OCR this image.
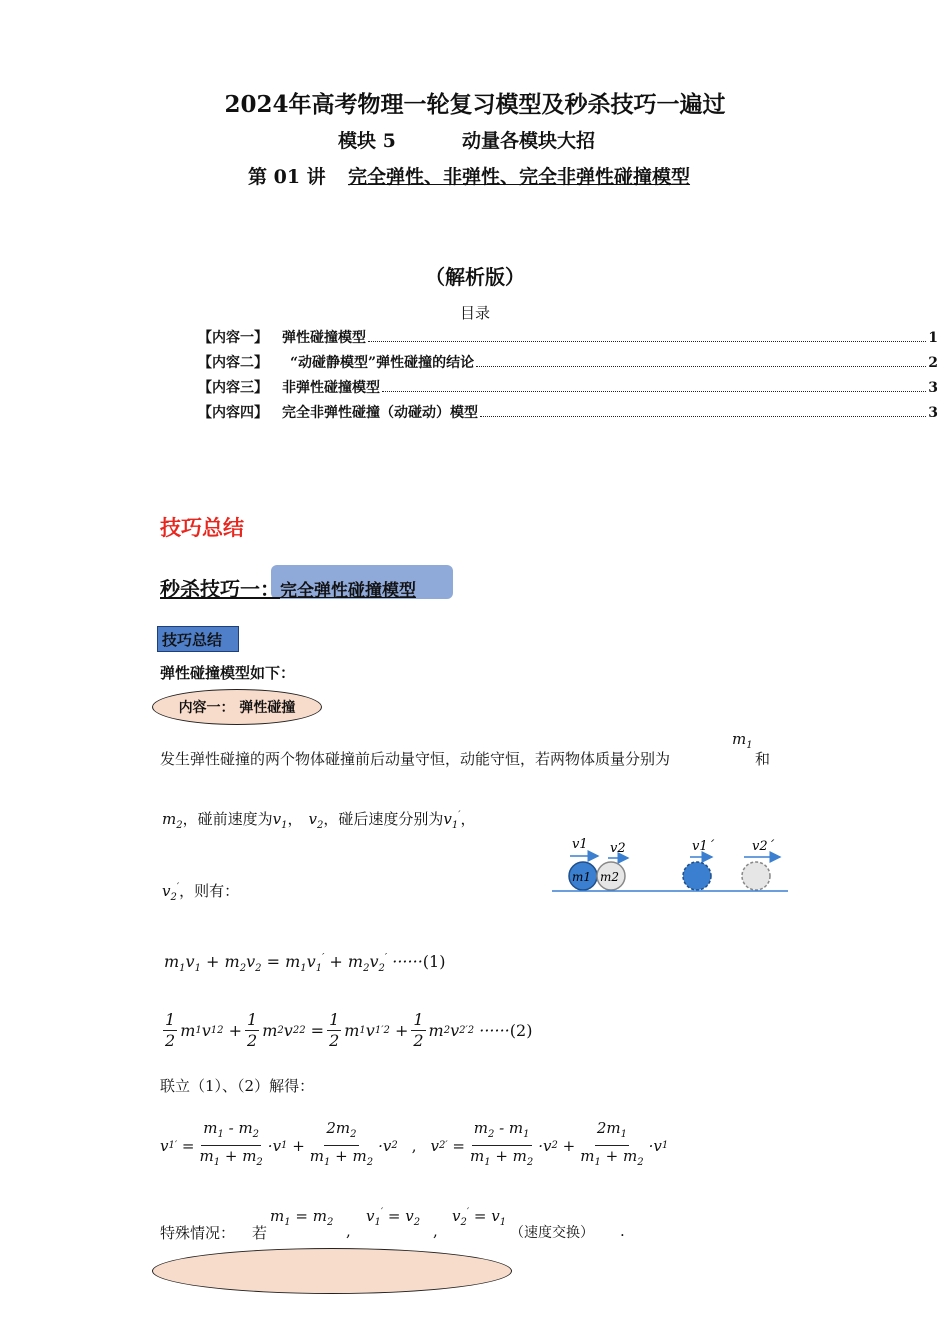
2024年高考物理一轮复习模型及秒杀技巧一遍过
模块 5	动量各模块大招
第 01 讲 完全弹性、非弹性、完全非弹性碰撞模型
（解析版）
目录
【内容一】 弹性碰撞模型	1
【内容二】 “动碰静模型”弹性碰撞的结论	2
【内容三】 非弹性碰撞模型	3
【内容四】 完全非弹性碰撞（动碰动）模型	3
技巧总结
秒杀技巧一：完全弹性碰撞模型
技巧总结
弹性碰撞模型如下：
内容一： 弹性碰撞
发生弹性碰撞的两个物体碰撞前后动量守恒，动能守恒，若两物体质量分别为
$m_1$
和
$m_2$，碰前速度为$v_1$， $v_2$，碰后速度分别为$v_1'$，
$v_2'$，则有：
v1 v2
m1 m2
v1´	v2´
$m_1v_1 + m_2v_2 = m_1v_1' + m_2v_2' \cdot\cdot\cdot\cdot\cdot\cdot(1)$
$\frac{1}{2}$ m 1 v 1 $2 + \frac{1}{2}$ m 2 v 2 $2 = \frac{1}{2}$ m 1 v 1 $'2 + \frac{1}{2}$ m 2 v 2 ′2 ······ (2)
联立（1）、（2）解得：
v 1 ′ = $\frac{m_1 - m_2}{m_1 + m_2} \cdot v$ $1 + \frac{2m_2}{m_1 + m_2} \cdot v$ 2 , v 2 ′ = $\frac{m_2 - m_1}{m_1 + m_2} \cdot v$ $2 + \frac{2m_1}{m_1 + m_2} \cdot v$ 1
特殊情况： 若
$m_1 = m_2$ ,
$v_1' = v_2$ ,
$v_2' = v_1$
（速度交换） .
